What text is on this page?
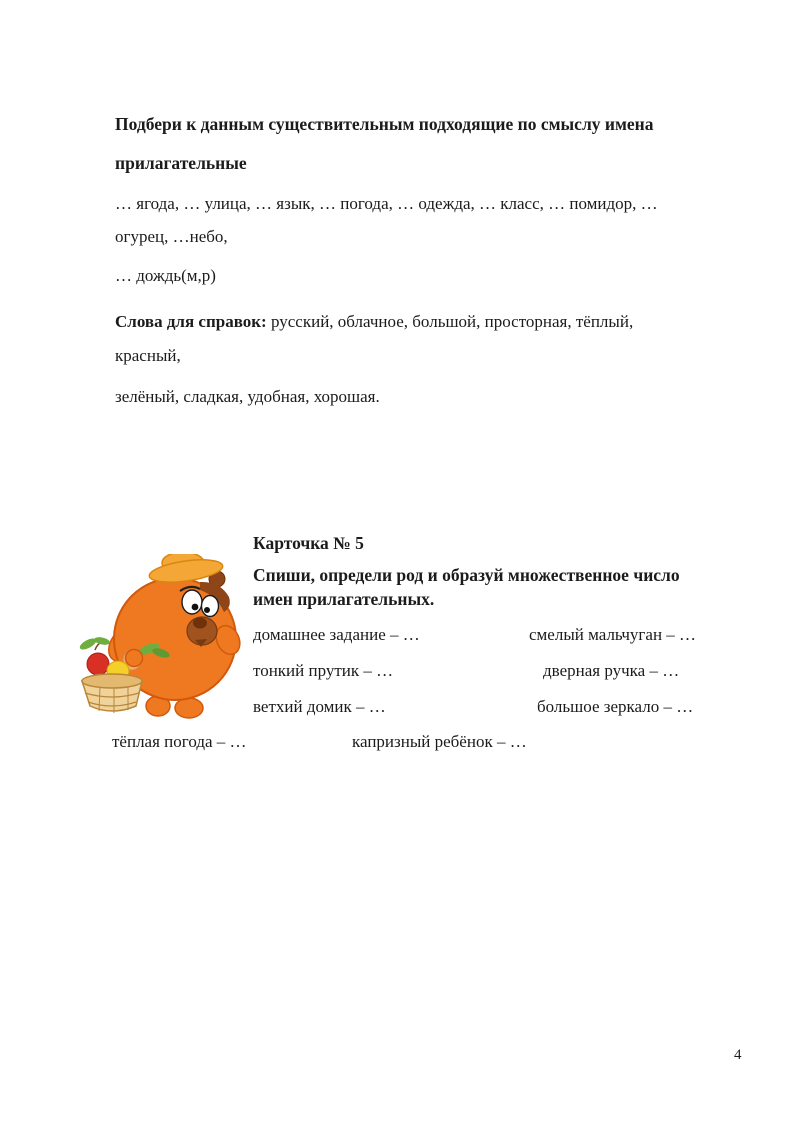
Подбери к данным существительным подходящие по смыслу имена
прилагательные
… ягода, … улица, … язык, … погода, … одежда, … класс, … помидор, …
огурец, …небо,
… дождь(м,р)
Слова для справок: русский, облачное, большой, просторная, тёплый,
красный,
зелёный, сладкая, удобная, хорошая.
Карточка № 5
Спиши, определи род и образуй множественное число
имен прилагательных.
домашнее задание – …	смелый мальчуган – …
тонкий прутик – …	дверная ручка – …
ветхий домик – …	большое зеркало – …
тёплая погода – …	капризный ребёнок – …
4
